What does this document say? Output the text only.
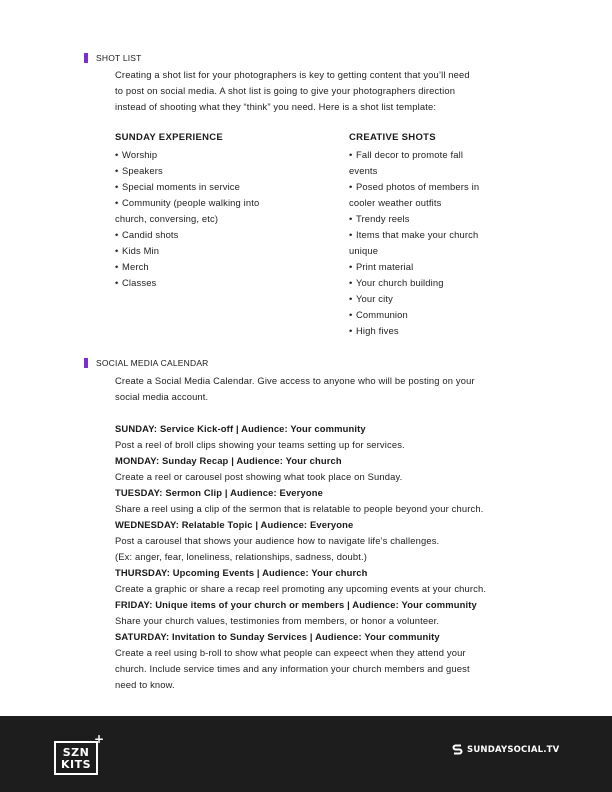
SHOT LIST
Creating a shot list for your photographers is key to getting content that you’ll need
to post on social media. A shot list is going to give your photographers direction
instead of shooting what they “think” you need. Here is a shot list template:
SUNDAY EXPERIENCE
• Worship
• Speakers
• Special moments in service
• Community (people walking into
church, conversing, etc)
• Candid shots
• Kids Min
• Merch
• Classes
CREATIVE SHOTS
• Fall decor to promote fall
events
• Posed photos of members in
cooler weather outfits
• Trendy reels
• Items that make your church
unique
• Print material
• Your church building
• Your city
• Communion
• High fives
SOCIAL MEDIA CALENDAR
Create a Social Media Calendar. Give access to anyone who will be posting on your
social media account.
SUNDAY: Service Kick-off | Audience: Your community
Post a reel of broll clips showing your teams setting up for services.
MONDAY: Sunday Recap | Audience: Your church
Create a reel or carousel post showing what took place on Sunday.
TUESDAY: Sermon Clip | Audience: Everyone
Share a reel using a clip of the sermon that is relatable to people beyond your church.
WEDNESDAY: Relatable Topic | Audience: Everyone
Post a carousel that shows your audience how to navigate life’s challenges.
(Ex: anger, fear, loneliness, relationships, sadness, doubt.)
THURSDAY: Upcoming Events | Audience: Your church
Create a graphic or share a recap reel promoting any upcoming events at your church.
FRIDAY: Unique items of your church or members | Audience: Your community
Share your church values, testimonies from members, or honor a volunteer.
SATURDAY: Invitation to Sunday Services | Audience: Your community
Create a reel using b-roll to show what people can expeect when they attend your
church. Include service times and any information your church members and guest
need to know.
SZN
KITS
+
SUNDAYSOCIAL.TV
